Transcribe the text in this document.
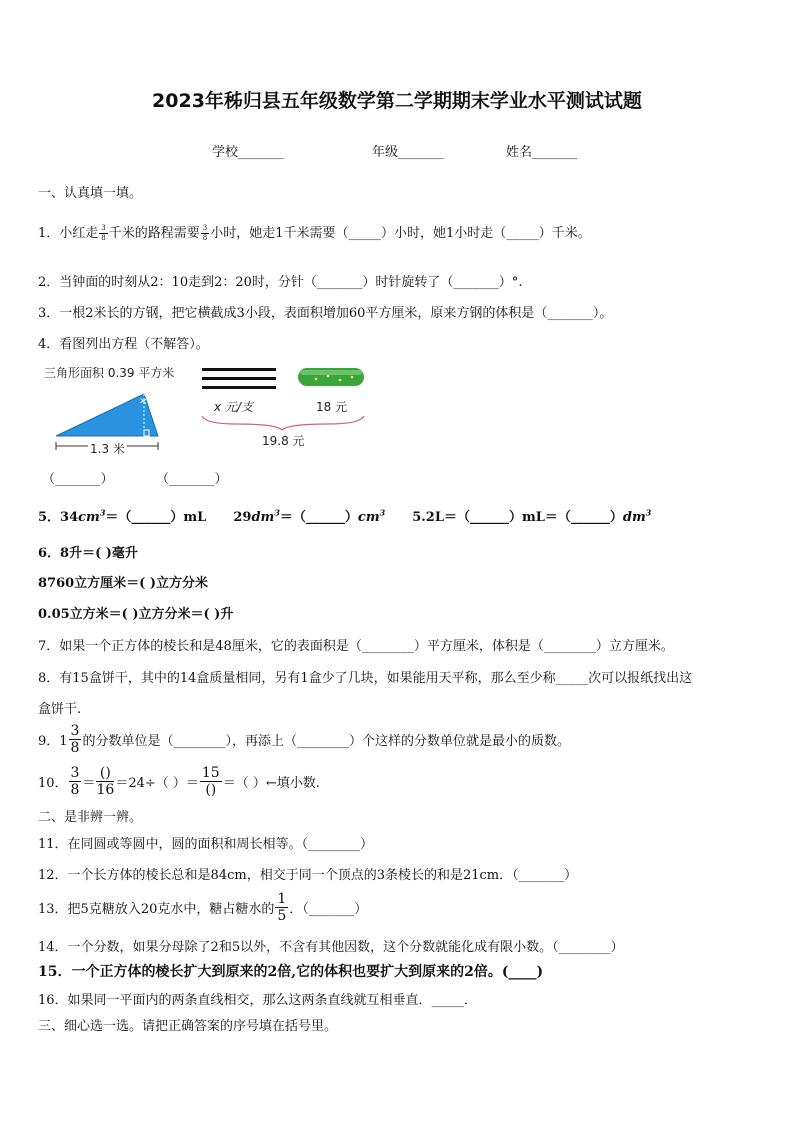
2023年秭归县五年级数学第二学期期末学业水平测试试题
学校_______	年级_______	姓名_______
一、认真填一填。
1．小红走 $\frac{3}{8}$ 千米的路程需要 $\frac{3}{8}$ 小时，她走1千米需要（_____）小时，她1小时走（_____）千米。
2．当钟面的时刻从2：10走到2：20时，分针（_______）时针旋转了（_______）°.
3．一根2米长的方钢，把它横截成3小段，表面积增加60平方厘米，原来方钢的体积是（_______）。
4．看图列出方程（不解答）。
三角形面积 0.39 平方米
x 米
1.3 米
x 元/支	18 元
19.8 元
（_______）	（_______）
5．$34cm^3=(\_\_\_\_\_\_)mL$ $29dm^3=(\_\_\_\_\_\_)cm^3$ $5.2L=(\_\_\_\_\_\_)mL=(\_\_\_\_\_\_)dm^3$
6．8升＝( )毫升
8760立方厘米＝( )立方分米
0.05立方米＝( )立方分米＝( )升
7．如果一个正方体的棱长和是48厘米，它的表面积是（________）平方厘米，体积是（________）立方厘米。
8．有15盒饼干，其中的14盒质量相同，另有1盒少了几块，如果能用天平称，那么至少称_____次可以报纸找出这
盒饼干.
9．$1 \frac{3}{8}$ 的分数单位是（________），再添上（________）个这样的分数单位就是最小的质数。
10． $\frac{3}{8} = \frac{()}{16} =24\div$（ ）＝ $\frac{15}{()}$ ＝（ ）←填小数.
二、是非辨一辨。
11．在同圆或等圆中，圆的面积和周长相等。（________）
12．一个长方体的棱长总和是84cm，相交于同一个顶点的3条棱长的和是21cm．（_______）
13．把5克糖放入20克水中，糖占糖水的 $\frac{1}{5}$ ．（_______）
14．一个分数，如果分母除了2和5以外，不含有其他因数，这个分数就能化成有限小数。（________）
15．一个正方体的棱长扩大到原来的2倍,它的体积也要扩大到原来的2倍。(____)
16．如果同一平面内的两条直线相交，那么这两条直线就互相垂直．_____．
三、细心选一选。请把正确答案的序号填在括号里。
